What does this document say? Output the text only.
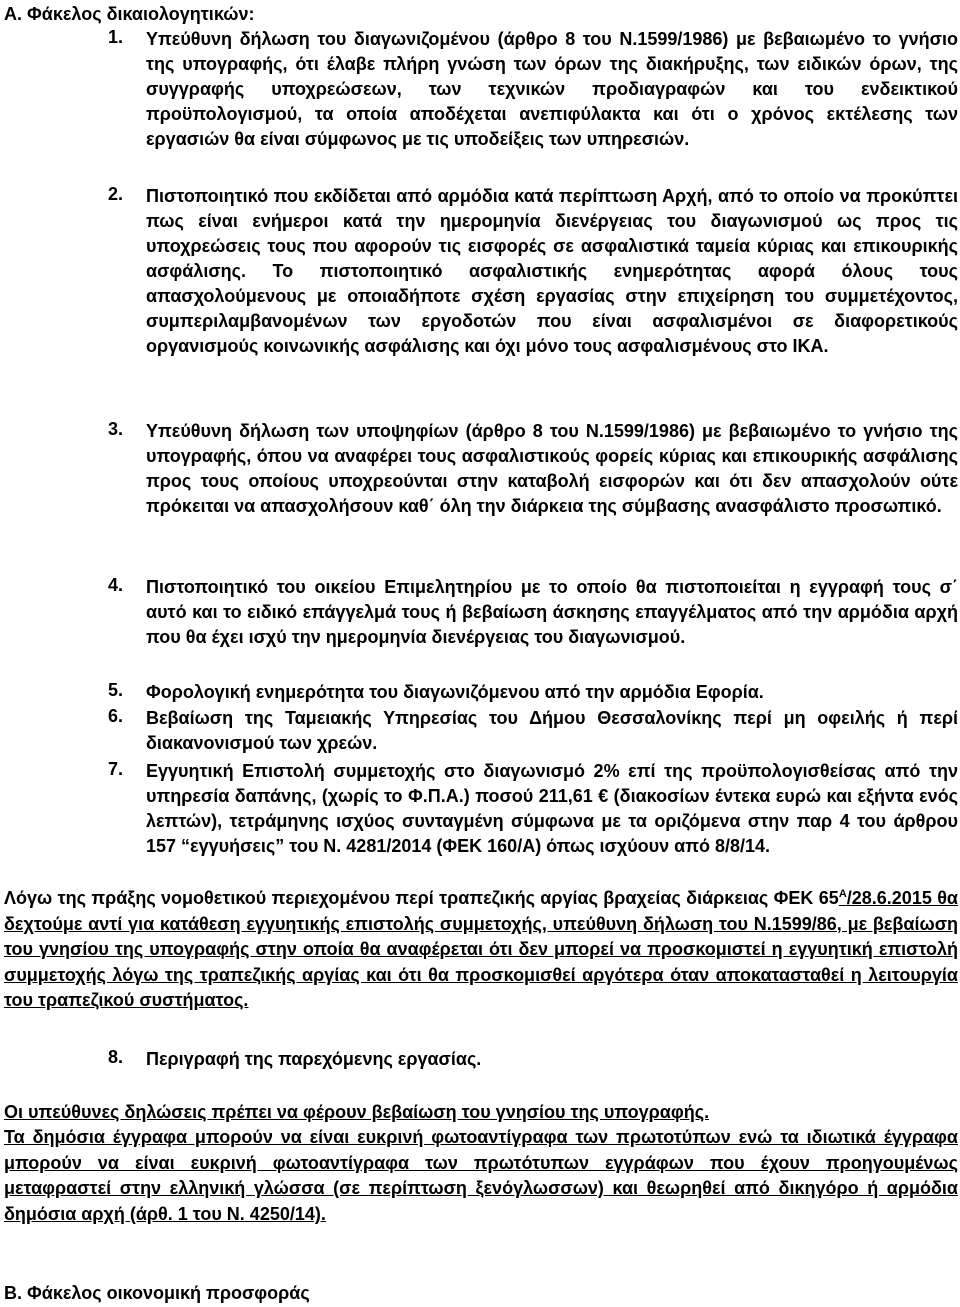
Α. Φάκελος δικαιολογητικών:
1.	Υπεύθυνη δήλωση του διαγωνιζομένου (άρθρο 8 του Ν.1599/1986) με βεβαιωμένο το γνήσιο της υπογραφής, ότι έλαβε πλήρη γνώση των όρων της διακήρυξης, των ειδικών όρων, της συγγραφής υποχρεώσεων, των τεχνικών προδιαγραφών και του ενδεικτικού προϋπολογισμού, τα οποία αποδέχεται ανεπιφύλακτα και ότι ο χρόνος εκτέλεσης των εργασιών θα είναι σύμφωνος με τις υποδείξεις των υπηρεσιών.
2.	Πιστοποιητικό που εκδίδεται από αρμόδια κατά περίπτωση Αρχή, από το οποίο να προκύπτει πως είναι ενήμεροι κατά την ημερομηνία διενέργειας του διαγωνισμού ως προς τις υποχρεώσεις τους που αφορούν τις εισφορές σε ασφαλιστικά ταμεία κύριας και επικουρικής ασφάλισης. Το πιστοποιητικό ασφαλιστικής ενημερότητας αφορά όλους τους απασχολούμενους με οποιαδήποτε σχέση εργασίας στην επιχείρηση του συμμετέχοντος, συμπεριλαμβανομένων των εργοδοτών που είναι ασφαλισμένοι σε διαφορετικούς οργανισμούς κοινωνικής ασφάλισης και όχι μόνο τους ασφαλισμένους στο ΙΚΑ.
3.	Υπεύθυνη δήλωση των υποψηφίων (άρθρο 8 του Ν.1599/1986) με βεβαιωμένο το γνήσιο της υπογραφής, όπου να αναφέρει τους ασφαλιστικούς φορείς κύριας και επικουρικής ασφάλισης προς τους οποίους υποχρεούνται στην καταβολή εισφορών και ότι δεν απασχολούν ούτε πρόκειται να απασχολήσουν καθ΄ όλη την διάρκεια της σύμβασης ανασφάλιστο προσωπικό.
4.	Πιστοποιητικό του οικείου Επιμελητηρίου με το οποίο θα πιστοποιείται η εγγραφή τους σ΄ αυτό και το ειδικό επάγγελμά τους ή βεβαίωση άσκησης επαγγέλματος από την αρμόδια αρχή που θα έχει ισχύ την ημερομηνία διενέργειας του διαγωνισμού.
5.	Φορολογική ενημερότητα του διαγωνιζόμενου από την αρμόδια Εφορία.
6.	Βεβαίωση της Ταμειακής Υπηρεσίας του Δήμου Θεσσαλονίκης περί μη οφειλής ή περί διακανονισμού των χρεών.
7.	Εγγυητική Επιστολή συμμετοχής στο διαγωνισμό 2% επί της προϋπολογισθείσας από την υπηρεσία δαπάνης, (χωρίς το Φ.Π.Α.) ποσού 211,61 € (διακοσίων έντεκα ευρώ και εξήντα ενός λεπτών), τετράμηνης ισχύος συνταγμένη σύμφωνα με τα οριζόμενα στην παρ 4 του άρθρου 157 “εγγυήσεις” του Ν. 4281/2014 (ΦΕΚ 160/Α) όπως ισχύουν από 8/8/14.

Λόγω της πράξης νομοθετικού περιεχομένου περί τραπεζικής αργίας βραχείας διάρκειας ΦΕΚ $65^A/28.6.2015$ θα δεχτούμε αντί για κατάθεση εγγυητικής επιστολής συμμετοχής, υπεύθυνη δήλωση του Ν.1599/86, με βεβαίωση του γνησίου της υπογραφής στην οποία θα αναφέρεται ότι δεν μπορεί να προσκομιστεί η εγγυητική επιστολή συμμετοχής λόγω της τραπεζικής αργίας και ότι θα προσκομισθεί αργότερα όταν αποκατασταθεί η λειτουργία του τραπεζικού συστήματος.

8.	Περιγραφή της παρεχόμενης εργασίας.

Οι υπεύθυνες δηλώσεις πρέπει να φέρουν βεβαίωση του γνησίου της υπογραφής.

Τα δημόσια έγγραφα μπορούν να είναι ευκρινή φωτοαντίγραφα των πρωτοτύπων ενώ τα ιδιωτικά έγγραφα μπορούν να είναι ευκρινή φωτοαντίγραφα των πρωτότυπων εγγράφων που έχουν προηγουμένως μεταφραστεί στην ελληνική γλώσσα (σε περίπτωση ξενόγλωσσων) και θεωρηθεί από δικηγόρο ή αρμόδια δημόσια αρχή (άρθ. 1 του Ν. 4250/14).

Β. Φάκελος οικονομική προσφοράς
